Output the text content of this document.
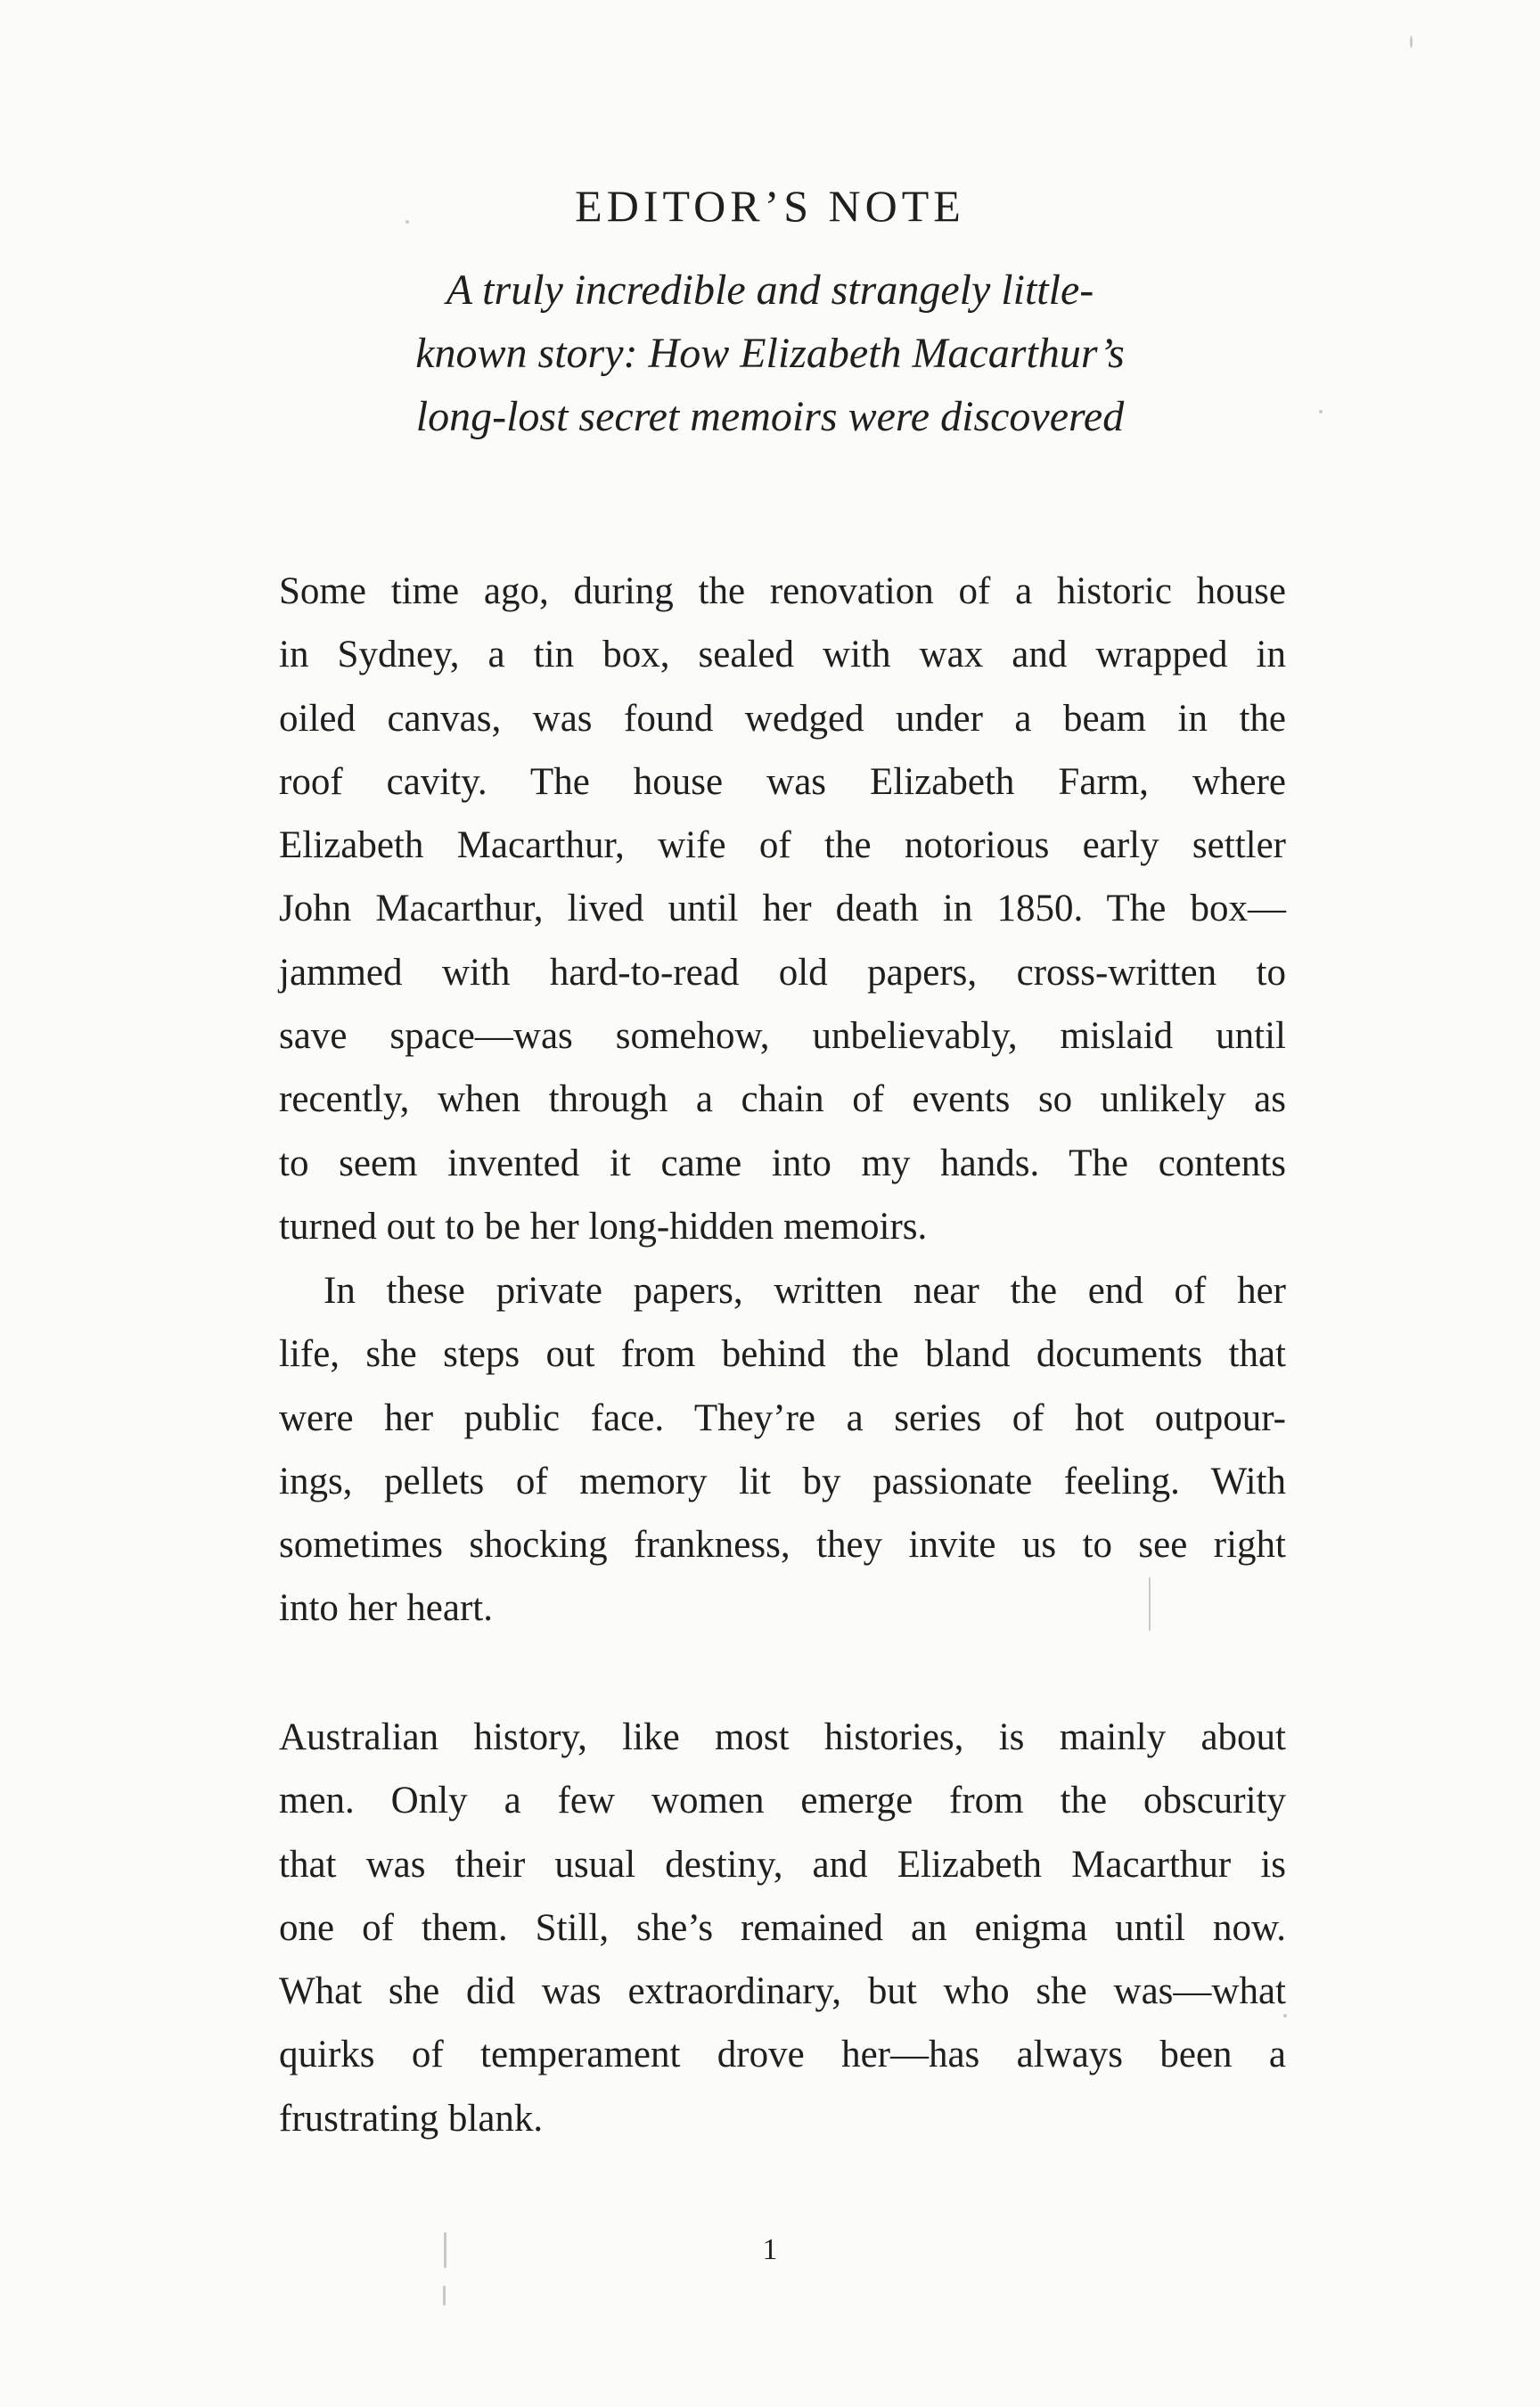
EDITOR’S NOTE
A truly incredible and strangely little-
known story: How Elizabeth Macarthur’s
long-lost secret memoirs were discovered
Some time ago, during the renovation of a historic house
in Sydney, a tin box, sealed with wax and wrapped in
oiled canvas, was found wedged under a beam in the
roof cavity. The house was Elizabeth Farm, where
Elizabeth Macarthur, wife of the notorious early settler
John Macarthur, lived until her death in 1850. The box—
jammed with hard-to-read old papers, cross-written to
save space—was somehow, unbelievably, mislaid until
recently, when through a chain of events so unlikely as
to seem invented it came into my hands. The contents
turned out to be her long-hidden memoirs.
In these private papers, written near the end of her
life, she steps out from behind the bland documents that
were her public face. They’re a series of hot outpour-
ings, pellets of memory lit by passionate feeling. With
sometimes shocking frankness, they invite us to see right
into her heart.
Australian history, like most histories, is mainly about
men. Only a few women emerge from the obscurity
that was their usual destiny, and Elizabeth Macarthur is
one of them. Still, she’s remained an enigma until now.
What she did was extraordinary, but who she was—what
quirks of temperament drove her—has always been a
frustrating blank.
1
